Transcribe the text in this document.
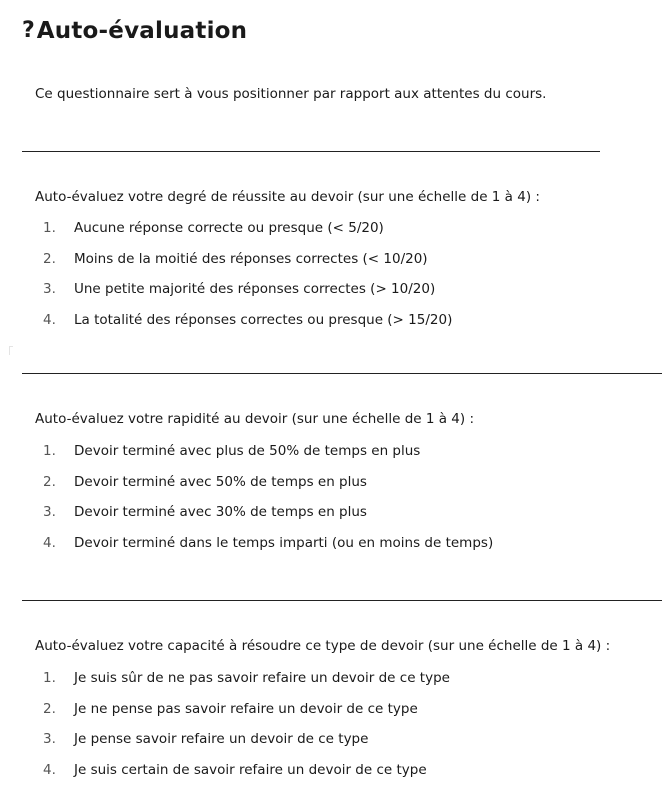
? Auto-évaluation

Ce questionnaire sert à vous positionner par rapport aux attentes du cours.

Auto-évaluez votre degré de réussite au devoir (sur une échelle de 1 à 4) :

1.	Aucune réponse correcte ou presque (< 5/20)
2.	Moins de la moitié des réponses correctes (< 10/20)
3.	Une petite majorité des réponses correctes (> 10/20)
4.	La totalité des réponses correctes ou presque (> 15/20)

Auto-évaluez votre rapidité au devoir (sur une échelle de 1 à 4) :

1.	Devoir terminé avec plus de 50% de temps en plus
2.	Devoir terminé avec 50% de temps en plus
3.	Devoir terminé avec 30% de temps en plus
4.	Devoir terminé dans le temps imparti (ou en moins de temps)

Auto-évaluez votre capacité à résoudre ce type de devoir (sur une échelle de 1 à 4) :

1.	Je suis sûr de ne pas savoir refaire un devoir de ce type
2.	Je ne pense pas savoir refaire un devoir de ce type
3.	Je pense savoir refaire un devoir de ce type
4.	Je suis certain de savoir refaire un devoir de ce type
